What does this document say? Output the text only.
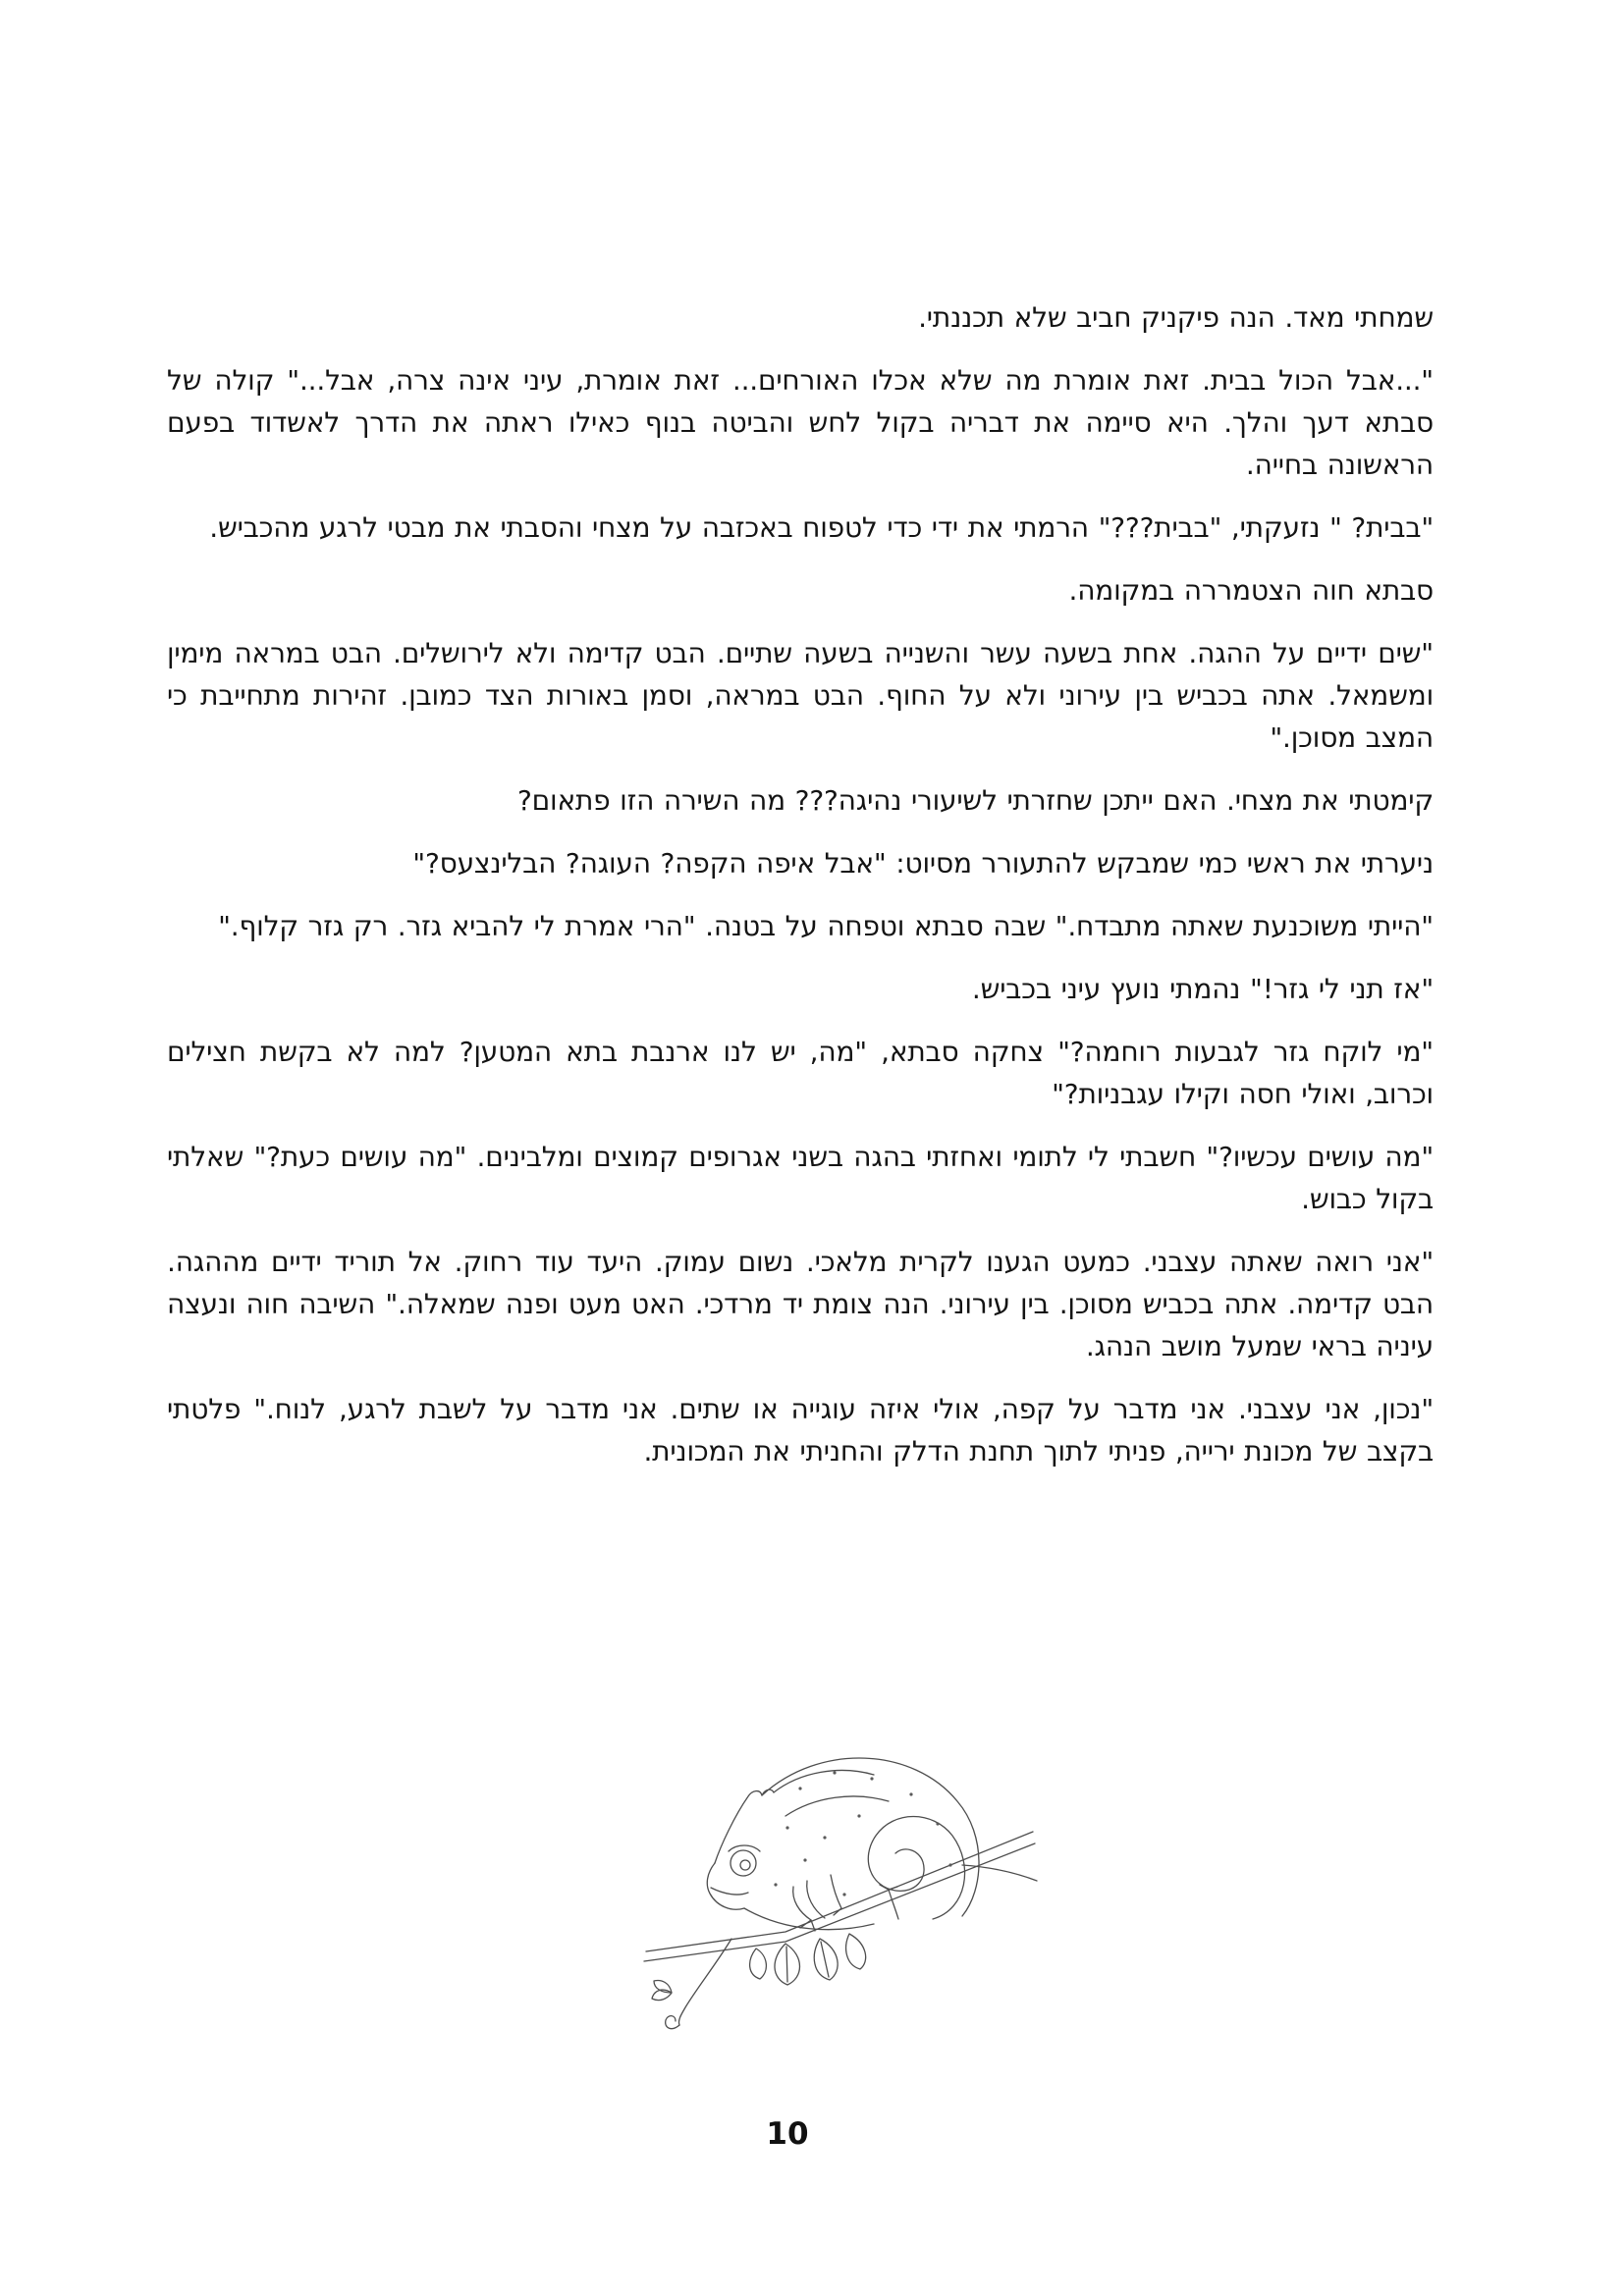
שמחתי מאד. הנה פיקניק חביב שלא תכננתי.

"...אבל הכול בבית. זאת אומרת מה שלא אכלו האורחים... זאת אומרת, עיני אינה צרה, אבל..." קולה של סבתא דעך והלך. היא סיימה את דבריה בקול לחש והביטה בנוף כאילו ראתה את הדרך לאשדוד בפעם הראשונה בחייה.

"בבית? " נזעקתי, "בבית???" הרמתי את ידי כדי לטפוח באכזבה על מצחי והסבתי את מבטי לרגע מהכביש.

סבתא חוה הצטמררה במקומה.

"שים ידיים על ההגה. אחת בשעה עשר והשנייה בשעה שתיים. הבט קדימה ולא לירושלים. הבט במראה מימין ומשמאל. אתה בכביש בין עירוני ולא על החוף. הבט במראה, וסמן באורות הצד כמובן. זהירות מתחייבת כי המצב מסוכן."

קימטתי את מצחי. האם ייתכן שחזרתי לשיעורי נהיגה??? מה השירה הזו פתאום?

ניערתי את ראשי כמי שמבקש להתעורר מסיוט: "אבל איפה הקפה? העוגה? הבלינצעס?"

"הייתי משוכנעת שאתה מתבדח." שבה סבתא וטפחה על בטנה. "הרי אמרת לי להביא גזר. רק גזר קלוף."

"אז תני לי גזר!" נהמתי נועץ עיני בכביש.

"מי לוקח גזר לגבעות רוחמה?" צחקה סבתא, "מה, יש לנו ארנבת בתא המטען? למה לא בקשת חצילים וכרוב, ואולי חסה וקילו עגבניות?"

"מה עושים עכשיו?" חשבתי לי לתומי ואחזתי בהגה בשני אגרופים קמוצים ומלבינים. "מה עושים כעת?" שאלתי בקול כבוש.

"אני רואה שאתה עצבני. כמעט הגענו לקרית מלאכי. נשום עמוק. היעד עוד רחוק. אל תוריד ידיים מההגה. הבט קדימה. אתה בכביש מסוכן. בין עירוני. הנה צומת יד מרדכי. האט מעט ופנה שמאלה." השיבה חוה ונעצה עיניה בראי שמעל מושב הנהג.

"נכון, אני עצבני. אני מדבר על קפה, אולי איזה עוגייה או שתים. אני מדבר על לשבת לרגע, לנוח." פלטתי בקצב של מכונת ירייה, פניתי לתוך תחנת הדלק והחניתי את המכונית.

10
